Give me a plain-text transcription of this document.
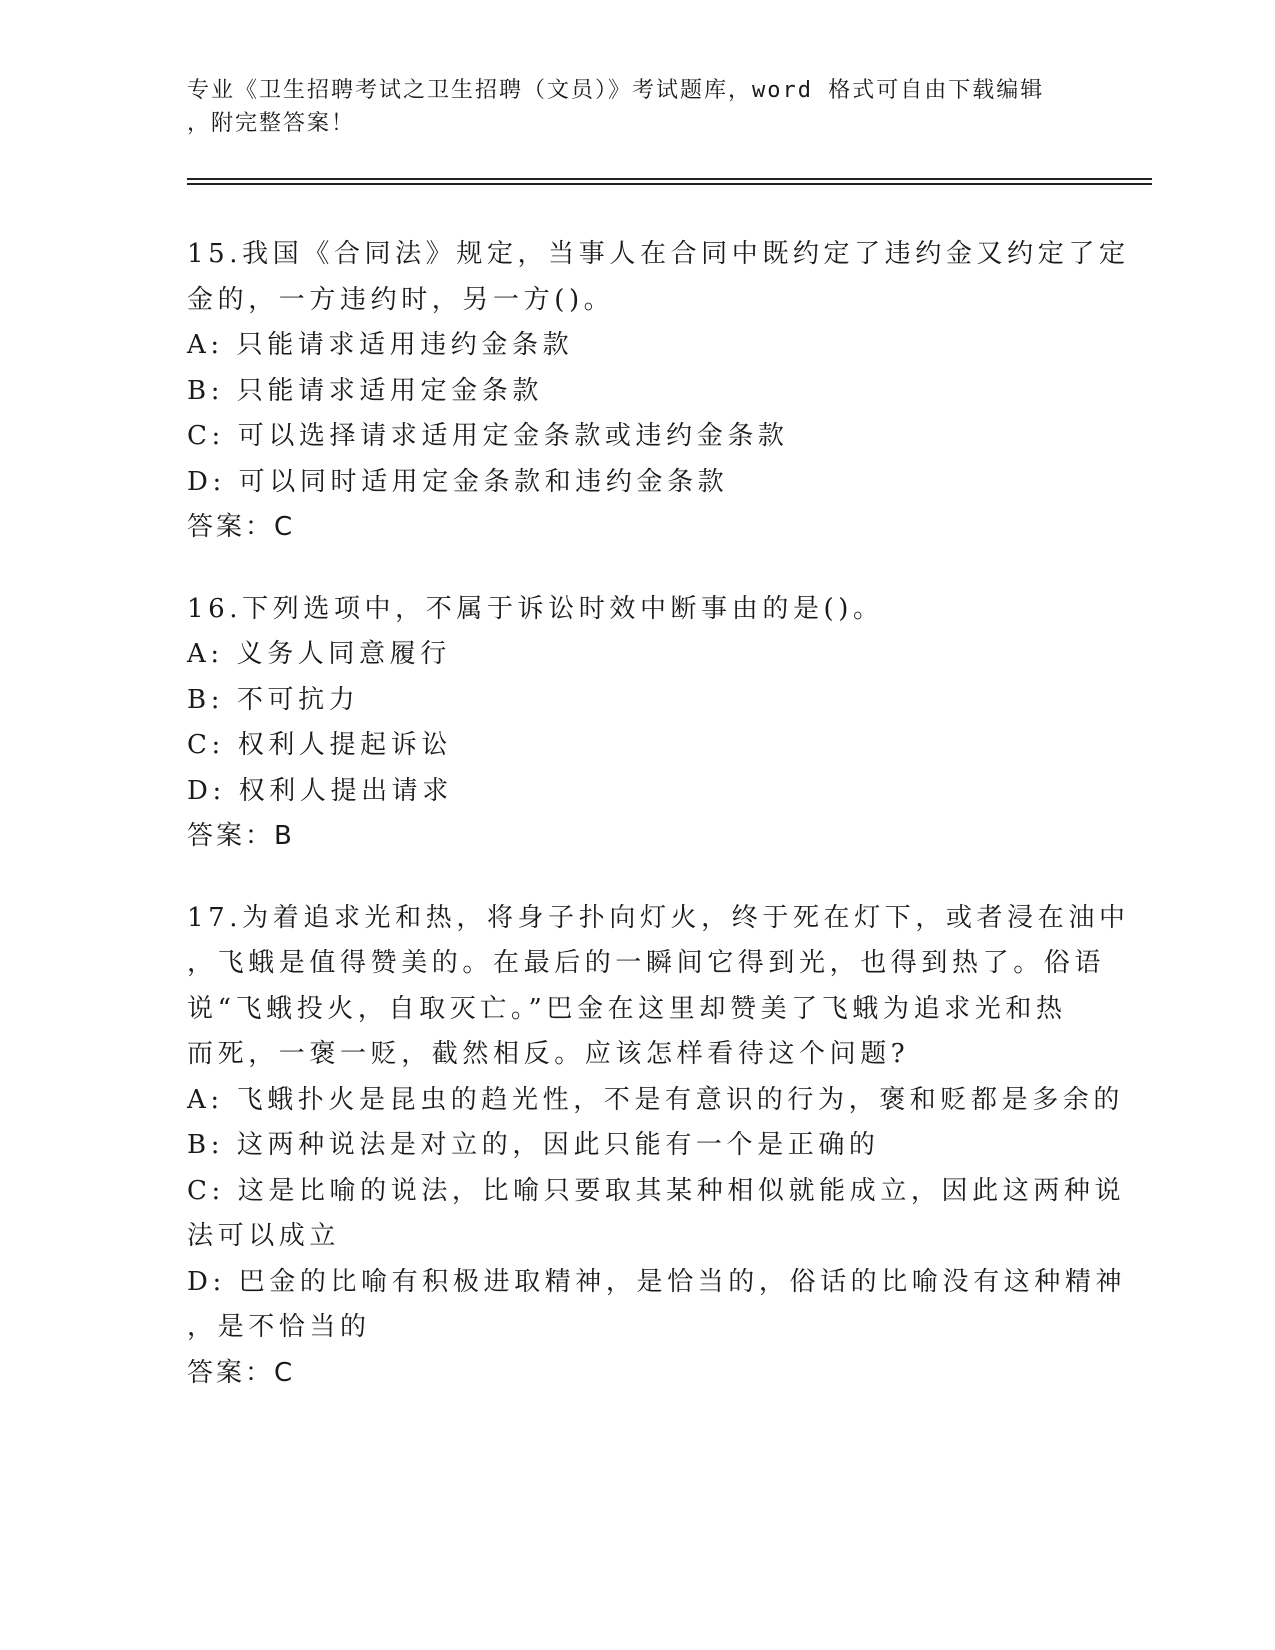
专业《卫生招聘考试之卫生招聘（文员）》考试题库，word 格式可自由下载编辑
，附完整答案！
15.我国《合同法》规定，当事人在合同中既约定了违约金又约定了定
金的，一方违约时，另一方()。
A: 只能请求适用违约金条款
B: 只能请求适用定金条款
C: 可以选择请求适用定金条款或违约金条款
D: 可以同时适用定金条款和违约金条款
答案：C
16.下列选项中，不属于诉讼时效中断事由的是()。
A: 义务人同意履行
B: 不可抗力
C: 权利人提起诉讼
D: 权利人提出请求
答案：B
17.为着追求光和热，将身子扑向灯火，终于死在灯下，或者浸在油中
，飞蛾是值得赞美的。在最后的一瞬间它得到光，也得到热了。俗语
说“飞蛾投火，自取灭亡。”巴金在这里却赞美了飞蛾为追求光和热
而死，一褒一贬，截然相反。应该怎样看待这个问题?
A: 飞蛾扑火是昆虫的趋光性，不是有意识的行为，褒和贬都是多余的
B: 这两种说法是对立的，因此只能有一个是正确的
C: 这是比喻的说法，比喻只要取其某种相似就能成立，因此这两种说
法可以成立
D: 巴金的比喻有积极进取精神，是恰当的，俗话的比喻没有这种精神
，是不恰当的
答案：C
